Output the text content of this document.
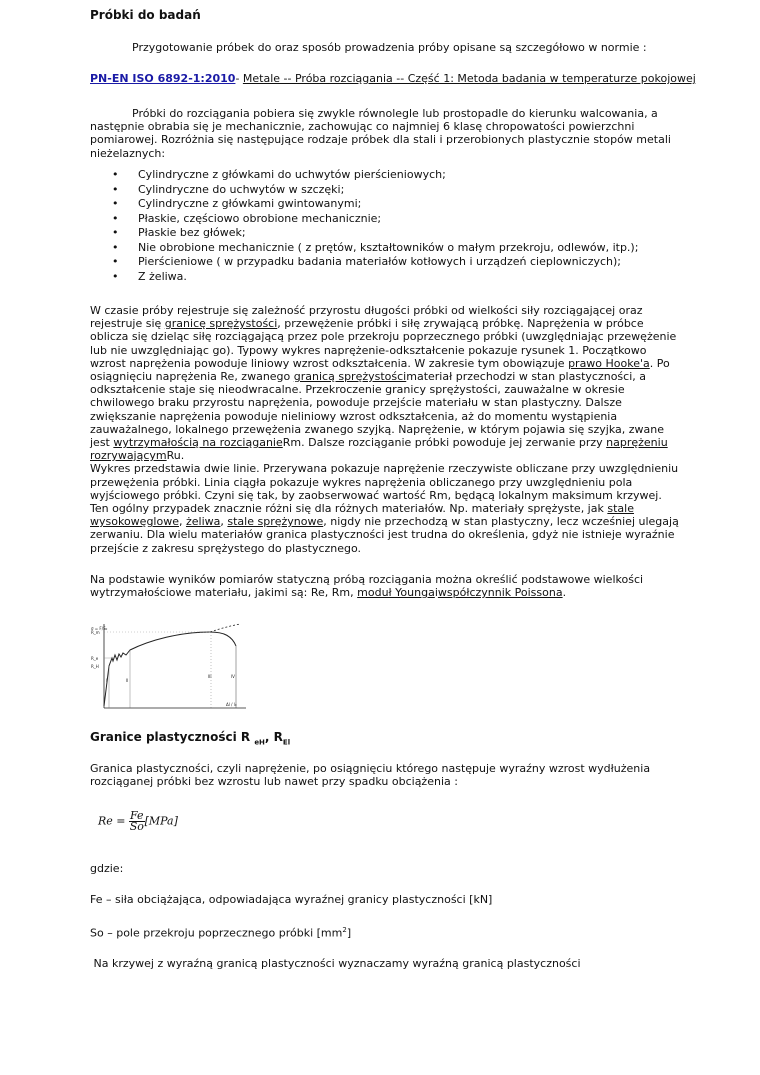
Próbki do badań

Przygotowanie próbek do oraz sposób prowadzenia próby opisane są szczegółowo w normie :

PN-EN ISO 6892-1:2010- Metale -- Próba rozciągania -- Część 1: Metoda badania w temperaturze pokojowej

Próbki do rozciągania pobiera się zwykle równolegle lub prostopadle do kierunku walcowania, a następnie obrabia się je mechanicznie, zachowując co najmniej 6 klasę chropowatości powierzchni pomiarowej. Rozróżnia się następujące rodzaje próbek dla stali i przerobionych plastycznie stopów metali nieżelaznych:

• Cylindryczne z główkami do uchwytów pierścieniowych;
• Cylindryczne do uchwytów w szczęki;
• Cylindryczne z główkami gwintowanymi;
• Płaskie, częściowo obrobione mechanicznie;
• Płaskie bez główek;
• Nie obrobione mechanicznie ( z prętów, kształtowników o małym przekroju, odlewów, itp.);
• Pierścieniowe ( w przypadku badania materiałów kotłowych i urządzeń cieplowniczych);
• Z żeliwa.

W czasie próby rejestruje się zależność przyrostu długości próbki od wielkości siły rozciągającej oraz rejestruje się granicę sprężystości, przewężenie próbki i siłę zrywającą próbkę. Naprężenia w próbce oblicza się dzieląc siłę rozciągającą przez pole przekroju poprzecznego próbki (uwzględniając przewężenie lub nie uwzględniając go). Typowy wykres naprężenie-odkształcenie pokazuje rysunek 1. Początkowo wzrost naprężenia powoduje liniowy wzrost odkształcenia. W zakresie tym obowiązuje prawo Hooke'a. Po osiągnięciu naprężenia Re, zwanego granicą sprężystościmateriał przechodzi w stan plastyczności, a odkształcenie staje się nieodwracalne. Przekroczenie granicy sprężystości, zauważalne w okresie chwilowego braku przyrostu naprężenia, powoduje przejście materiału w stan plastyczny. Dalsze zwiększanie naprężenia powoduje nieliniowy wzrost odkształcenia, aż do momentu wystąpienia zauważalnego, lokalnego przewężenia zwanego szyjką. Naprężenie, w którym pojawia się szyjka, zwane jest wytrzymałością na rozciąganieRm. Dalsze rozciąganie próbki powoduje jej zerwanie przy naprężeniu rozrywającymRu.

Wykres przedstawia dwie linie. Przerywana pokazuje naprężenie rzeczywiste obliczane przy uwzględnieniu przewężenia próbki. Linia ciągła pokazuje wykres naprężenia obliczanego przy uwzględnieniu pola wyjściowego próbki. Czyni się tak, by zaobserwować wartość Rm, będącą lokalnym maksimum krzywej.

Ten ogólny przypadek znacznie różni się dla różnych materiałów. Np. materiały sprężyste, jak stale wysokowęglowe, żeliwa, stale sprężynowe, nigdy nie przechodzą w stan plastyczny, lecz wcześniej ulegają zerwaniu. Dla wielu materiałów granica plastyczności jest trudna do określenia, gdyż nie istnieje wyraźnie przejście z zakresu sprężystego do plastycznego.

Na podstawie wyników pomiarów statyczną próbą rozciągania można określić podstawowe wielkości wytrzymałościowe materiału, jakimi są: Re, Rm, moduł Youngaiwspółczynnik Poissona.

σ = F/S₀
R_m
R_e
R_H
Δl / l₀
I	II
III	IV

Granice plastyczności R $_{eH}$, $R_{El}$

Granica plastyczności, czyli naprężenie, po osiągnięciu którego następuje wyraźny wzrost wydłużenia rozciąganej próbki bez wzrostu lub nawet przy spadku obciążenia :

$Re = \frac{Fe}{So} [MPa]$

gdzie:

Fe – siła obciążająca, odpowiadająca wyraźnej granicy plastyczności [kN]

So – pole przekroju poprzecznego próbki $[mm^2]$

Na krzywej z wyraźną granicą plastyczności wyznaczamy wyraźną granicą plastyczności
